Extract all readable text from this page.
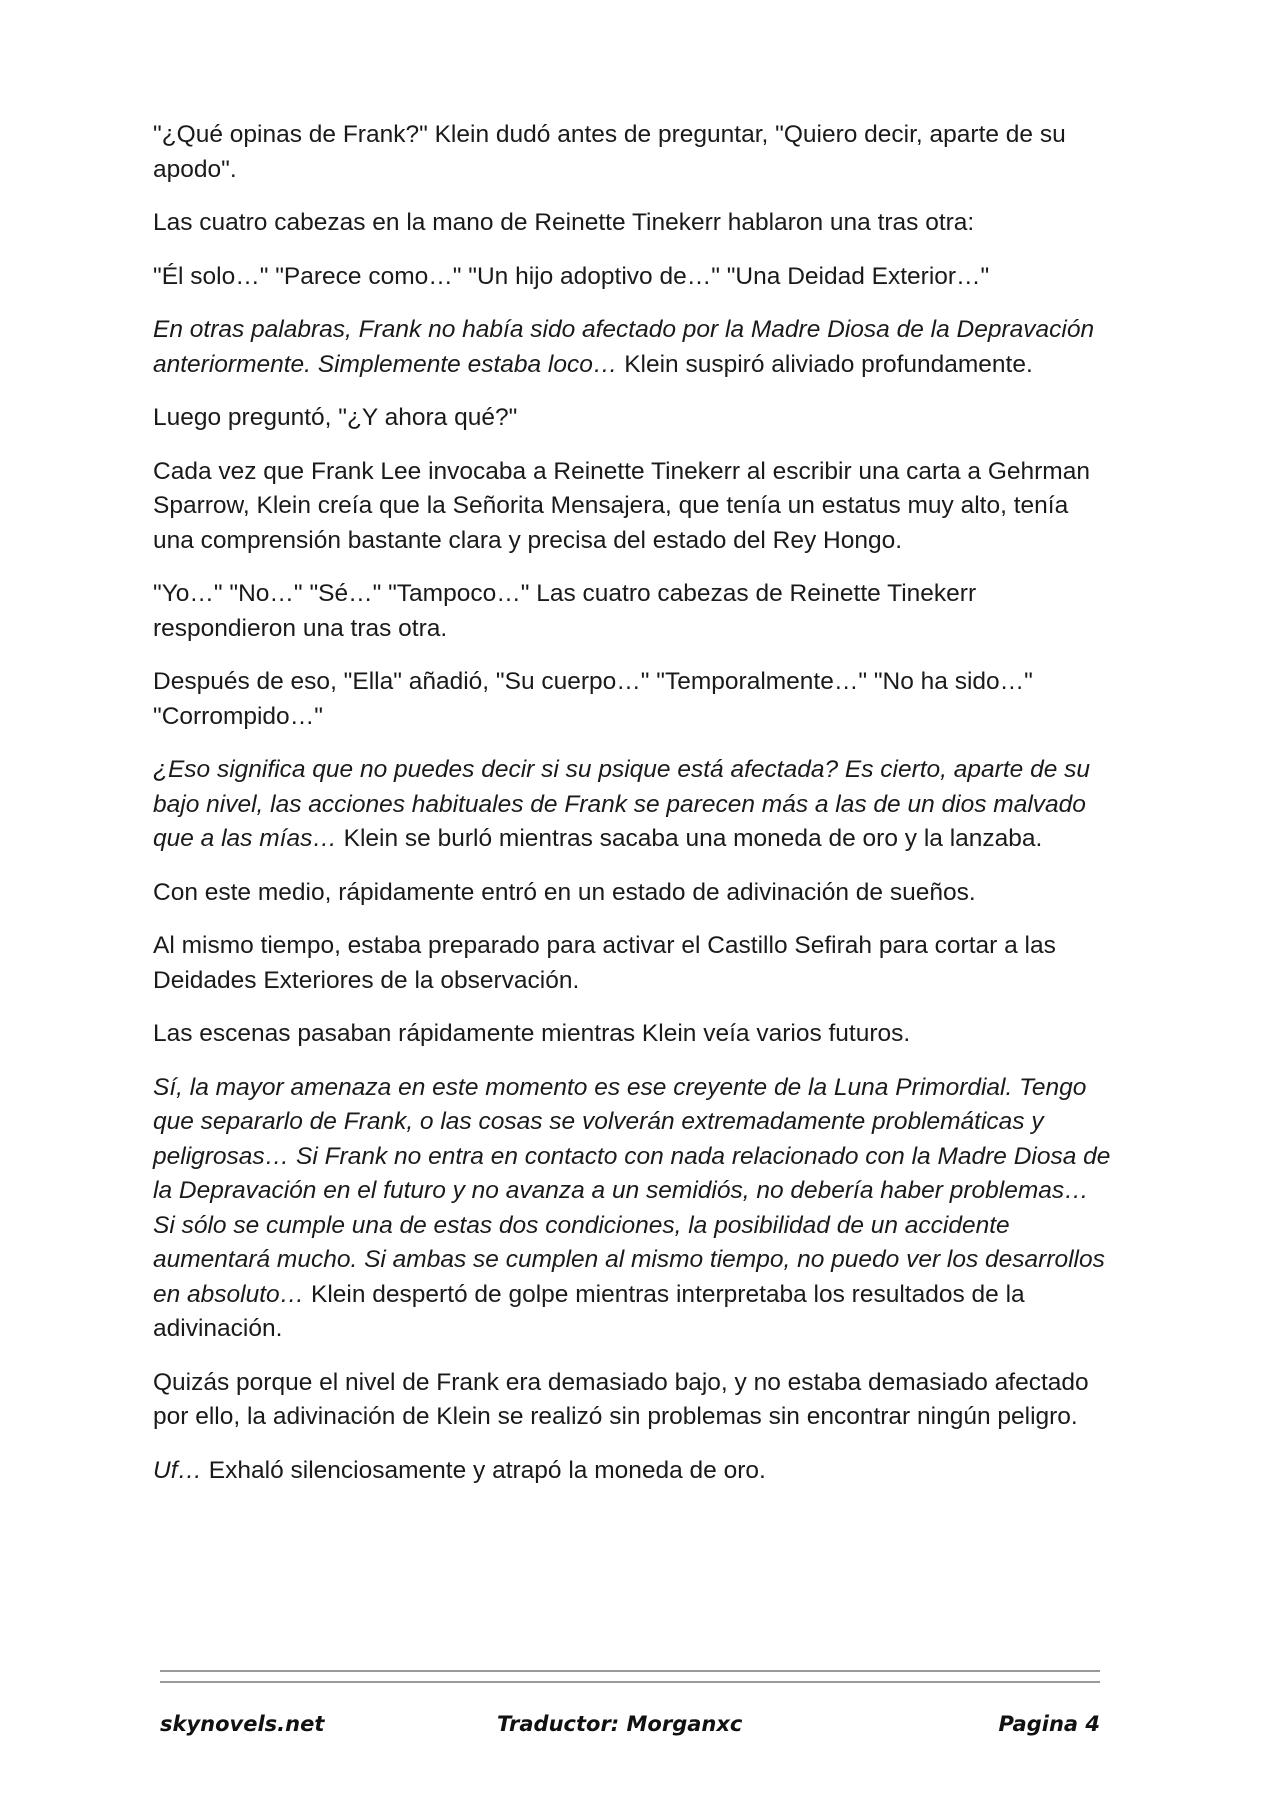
"¿Qué opinas de Frank?" Klein dudó antes de preguntar, "Quiero decir, aparte de su apodo".

Las cuatro cabezas en la mano de Reinette Tinekerr hablaron una tras otra:

"Él solo…" "Parece como…" "Un hijo adoptivo de…" "Una Deidad Exterior…"

En otras palabras, Frank no había sido afectado por la Madre Diosa de la Depravación anteriormente. Simplemente estaba loco… Klein suspiró aliviado profundamente.

Luego preguntó, "¿Y ahora qué?"

Cada vez que Frank Lee invocaba a Reinette Tinekerr al escribir una carta a Gehrman Sparrow, Klein creía que la Señorita Mensajera, que tenía un estatus muy alto, tenía una comprensión bastante clara y precisa del estado del Rey Hongo.

"Yo…" "No…" "Sé…" "Tampoco…" Las cuatro cabezas de Reinette Tinekerr respondieron una tras otra.

Después de eso, "Ella" añadió, "Su cuerpo…" "Temporalmente…" "No ha sido…" "Corrompido…"

¿Eso significa que no puedes decir si su psique está afectada? Es cierto, aparte de su bajo nivel, las acciones habituales de Frank se parecen más a las de un dios malvado que a las mías… Klein se burló mientras sacaba una moneda de oro y la lanzaba.

Con este medio, rápidamente entró en un estado de adivinación de sueños.

Al mismo tiempo, estaba preparado para activar el Castillo Sefirah para cortar a las Deidades Exteriores de la observación.

Las escenas pasaban rápidamente mientras Klein veía varios futuros.

Sí, la mayor amenaza en este momento es ese creyente de la Luna Primordial. Tengo que separarlo de Frank, o las cosas se volverán extremadamente problemáticas y peligrosas… Si Frank no entra en contacto con nada relacionado con la Madre Diosa de la Depravación en el futuro y no avanza a un semidiós, no debería haber problemas… Si sólo se cumple una de estas dos condiciones, la posibilidad de un accidente aumentará mucho. Si ambas se cumplen al mismo tiempo, no puedo ver los desarrollos en absoluto… Klein despertó de golpe mientras interpretaba los resultados de la adivinación.

Quizás porque el nivel de Frank era demasiado bajo, y no estaba demasiado afectado por ello, la adivinación de Klein se realizó sin problemas sin encontrar ningún peligro.

Uf… Exhaló silenciosamente y atrapó la moneda de oro.

skynovels.net	Traductor: Morganxc	Pagina 4
